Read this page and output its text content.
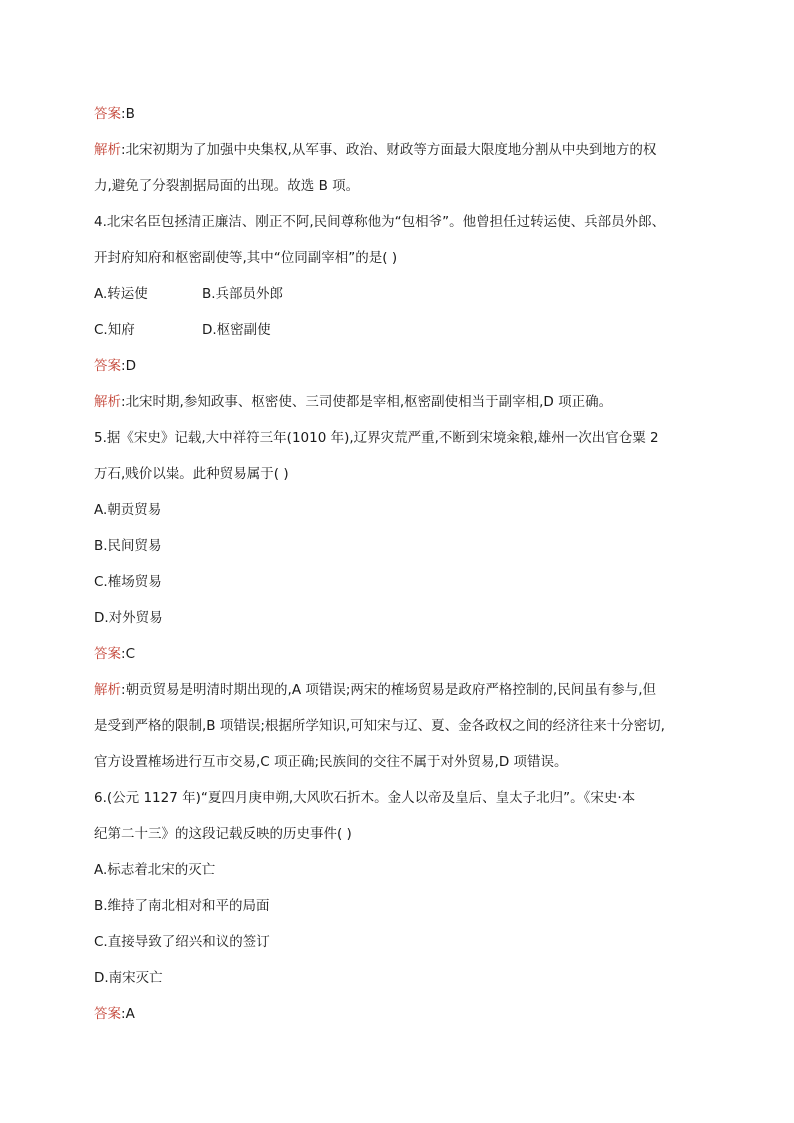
答案:B
解析:北宋初期为了加强中央集权,从军事、政治、财政等方面最大限度地分割从中央到地方的权
力,避免了分裂割据局面的出现。故选 B 项。
4.北宋名臣包拯清正廉洁、刚正不阿,民间尊称他为“包相爷”。他曾担任过转运使、兵部员外郎、
开封府知府和枢密副使等,其中“位同副宰相”的是( )
A.转运使	B.兵部员外郎
C.知府	D.枢密副使
答案:D
解析:北宋时期,参知政事、枢密使、三司使都是宰相,枢密副使相当于副宰相,D 项正确。
5.据《宋史》记载,大中祥符三年(1010 年),辽界灾荒严重,不断到宋境籴粮,雄州一次出官仓粟 2
万石,贱价以粜。此种贸易属于( )
A.朝贡贸易
B.民间贸易
C.榷场贸易
D.对外贸易
答案:C
解析:朝贡贸易是明清时期出现的,A 项错误;两宋的榷场贸易是政府严格控制的,民间虽有参与,但
是受到严格的限制,B 项错误;根据所学知识,可知宋与辽、夏、金各政权之间的经济往来十分密切,
官方设置榷场进行互市交易,C 项正确;民族间的交往不属于对外贸易,D 项错误。
6.(公元 1127 年)“夏四月庚申朔,大风吹石折木。金人以帝及皇后、皇太子北归”。《宋史·本
纪第二十三》的这段记载反映的历史事件( )
A.标志着北宋的灭亡
B.维持了南北相对和平的局面
C.直接导致了绍兴和议的签订
D.南宋灭亡
答案:A
